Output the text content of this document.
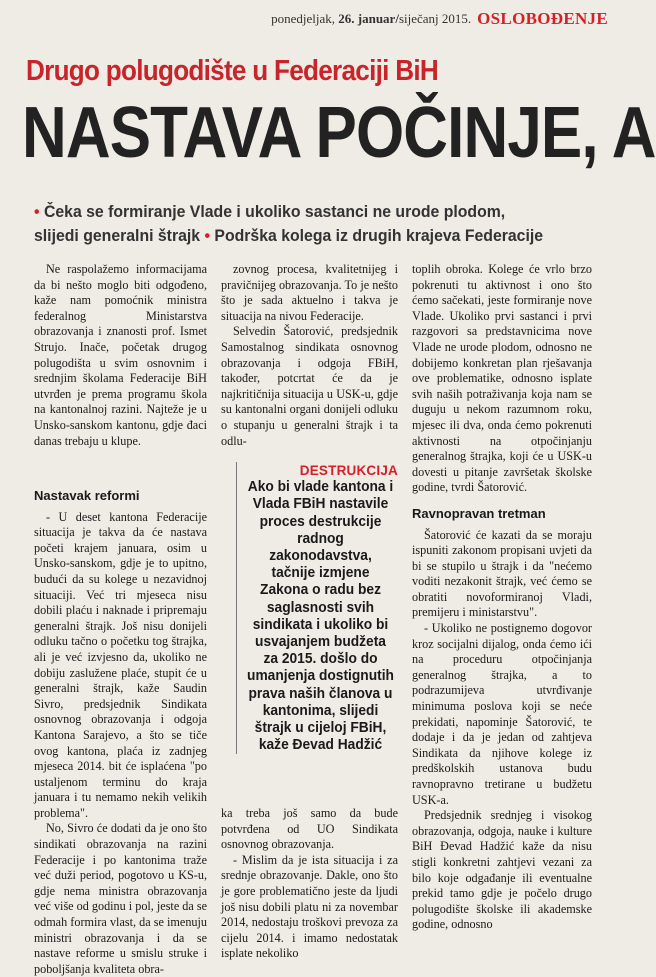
ponedjeljak, 26. januar/siječanj 2015. OSLOBOĐENJE
Drugo polugodište u Federaciji BiH
NASTAVA POČINJE, A
• Čeka se formiranje Vlade i ukoliko sastanci ne urode plodom,
slijedi generalni štrajk • Podrška kolega iz drugih krajeva Federacije

Ne raspolažemo informacijama da bi nešto moglo biti odgođeno, kaže nam pomoćnik ministra federalnog Ministarstva obrazovanja i znanosti prof. Ismet Strujo. Inače, početak drugog polugodišta u svim osnovnim i srednjim školama Federacije BiH utvrđen je prema programu škola na kantonalnoj razini. Najteže je u Unsko-sanskom kantonu, gdje đaci danas trebaju u klupe.

Nastavak reformi

- U deset kantona Federacije situacija je takva da će nastava početi krajem januara, osim u Unsko-sanskom, gdje je to upitno, budući da su kolege u nezavidnoj situaciji. Već tri mjeseca nisu dobili plaću i naknade i pripremaju generalni štrajk. Još nisu donijeli odluku tačno o početku tog štrajka, ali je već izvjesno da, ukoliko ne dobiju zaslužene plaće, stupit će u generalni štrajk, kaže Saudin Sivro, predsjednik Sindikata osnovnog obrazovanja i odgoja Kantona Sarajevo, a što se tiče ovog kantona, plaća iz zadnjeg mjeseca 2014. bit će isplaćena "po ustaljenom terminu do kraja januara i tu nemamo nekih velikih problema".

No, Sivro će dodati da je ono što sindikati obrazovanja na razini Federacije i po kantonima traže već duži period, pogotovo u KS-u, gdje nema ministra obrazovanja već više od godinu i pol, jeste da se odmah formira vlast, da se imenuju ministri obrazovanja i da se nastave reforme u smislu struke i poboljšanja kvaliteta obra-

zovnog procesa, kvalitetnijeg i pravičnijeg obrazovanja. To je nešto što je sada aktuelno i takva je situacija na nivou Federacije.

Selvedin Šatorović, predsjednik Samostalnog sindikata osnovnog obrazovanja i odgoja FBiH, također, potcrtat će da je najkritičnija situacija u USK-u, gdje su kantonalni organi donijeli odluku o stupanju u generalni štrajk i ta odlu-

DESTRUKCIJA
Ako bi vlade kantona i Vlada FBiH nastavile proces destrukcije radnog zakonodavstva, tačnije izmjene Zakona o radu bez saglasnosti svih sindikata i ukoliko bi usvajanjem budžeta za 2015. došlo do umanjenja dostignutih prava naših članova u kantonima, slijedi štrajk u cijeloj FBiH, kaže Đevad Hadžić

ka treba još samo da bude potvrđena od UO Sindikata osnovnog obrazovanja.

- Mislim da je ista situacija i za srednje obrazovanje. Dakle, ono što je gore problematično jeste da ljudi još nisu dobili platu ni za novembar 2014, nedostaju troškovi prevoza za cijelu 2014. i imamo nedostatak isplate nekoliko

toplih obroka. Kolege će vrlo brzo pokrenuti tu aktivnost i ono što ćemo sačekati, jeste formiranje nove Vlade. Ukoliko prvi sastanci i prvi razgovori sa predstavnicima nove Vlade ne urode plodom, odnosno ne dobijemo konkretan plan rješavanja ove problematike, odnosno isplate svih naših potraživanja koja nam se duguju u nekom razumnom roku, mjesec ili dva, onda ćemo pokrenuti aktivnosti na otpočinjanju generalnog štrajka, koji će u USK-u dovesti u pitanje završetak školske godine, tvrdi Šatorović.

Ravnopravan tretman

Šatorović će kazati da se moraju ispuniti zakonom propisani uvjeti da bi se stupilo u štrajk i da "nećemo voditi nezakonit štrajk, već ćemo se obratiti novoformiranoj Vladi, premijeru i ministarstvu".

- Ukoliko ne postignemo dogovor kroz socijalni dijalog, onda ćemo ići na proceduru otpočinjanja generalnog štrajka, a to podrazumijeva utvrđivanje minimuma poslova koji se neće prekidati, napominje Šatorović, te dodaje i da je jedan od zahtjeva Sindikata da njihove kolege iz predškolskih ustanova budu ravnopravno tretirane u budžetu USK-a.

Predsjednik srednjeg i visokog obrazovanja, odgoja, nauke i kulture BiH Đevad Hadžić kaže da nisu stigli konkretni zahtjevi vezani za bilo koje odgađanje ili eventualne prekid tamo gdje je počelo drugo polugodište školske ili akademske godine, odnosno
